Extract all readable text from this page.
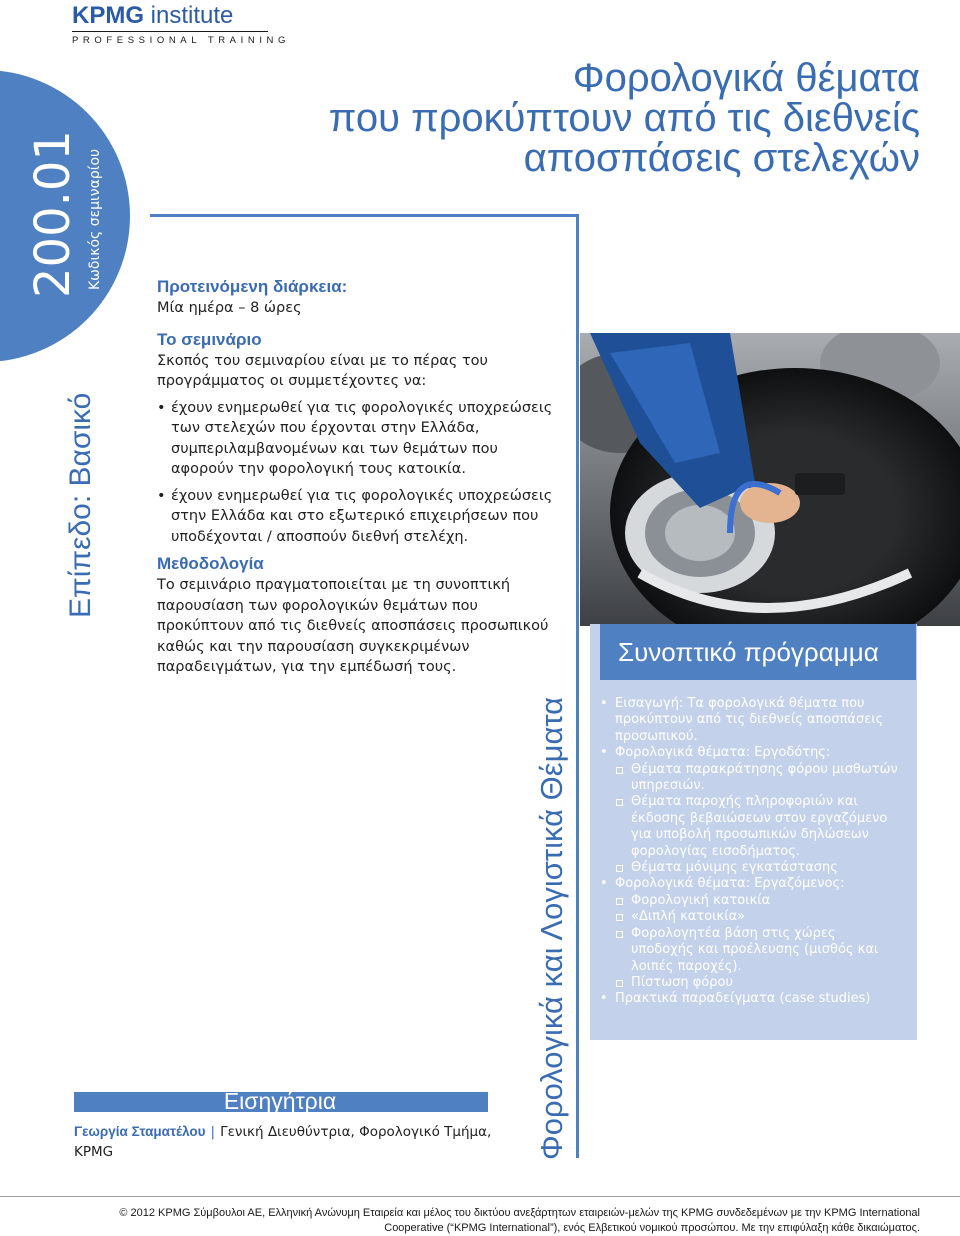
KPMG institute
PROFESSIONAL TRAINING
200.01 Κωδικός σεμιναρίου
Επίπεδο: Βασικό
Φορολογικά θέματα
που προκύπτουν από τις διεθνείς
αποσπάσεις στελεχών
Προτεινόμενη διάρκεια:
Μία ημέρα – 8 ώρες
Το σεμινάριο
Σκοπός του σεμιναρίου είναι με το πέρας του προγράμματος οι συμμετέχοντες να:
• έχουν ενημερωθεί για τις φορολογικές υποχρεώσεις των στελεχών που έρχονται στην Ελλάδα, συμπεριλαμβανομένων και των θεμάτων που αφορούν την φορολογική τους κατοικία.
• έχουν ενημερωθεί για τις φορολογικές υποχρεώσεις στην Ελλάδα και στο εξωτερικό επιχειρήσεων που υποδέχονται / αποσπούν διεθνή στελέχη.
Μεθοδολογία
Το σεμινάριο πραγματοποιείται με τη συνοπτική παρουσίαση των φορολογικών θεμάτων που προκύπτουν από τις διεθνείς αποσπάσεις προσωπικού καθώς και την παρουσίαση συγκεκριμένων παραδειγμάτων, για την εμπέδωσή τους.
Φορολογικά και Λογιστικά Θέματα
Συνοπτικό πρόγραμμα
• Εισαγωγή: Τα φορολογικά θέματα που προκύπτουν από τις διεθνείς αποσπάσεις προσωπικού.
• Φορολογικά θέματα: Εργοδότης:
Θέματα παρακράτησης φόρου μισθωτών υπηρεσιών.
Θέματα παροχής πληροφοριών και έκδοσης βεβαιώσεων στον εργαζόμενο για υποβολή προσωπικών δηλώσεων φορολογίας εισοδήματος.
Θέματα μόνιμης εγκατάστασης
• Φορολογικά θέματα: Εργαζόμενος:
Φορολογική κατοικία
«Διπλή κατοικία»
Φορολογητέα βάση στις χώρες υποδοχής και προέλευσης (μισθός και λοιπές παροχές).
Πίστωση φόρου
• Πρακτικά παραδείγματα (case studies)
Εισηγήτρια
Γεωργία Σταματέλου | Γενική Διευθύντρια, Φορολογικό Τμήμα, KPMG
© 2012 KPMG Σύμβουλοι ΑΕ, Ελληνική Ανώνυμη Εταιρεία και μέλος του δικτύου ανεξάρτητων εταιρειών-μελών της KPMG συνδεδεμένων με την KPMG International
Cooperative (“KPMG International”), ενός Ελβετικού νομικού προσώπου. Με την επιφύλαξη κάθε δικαιώματος.
